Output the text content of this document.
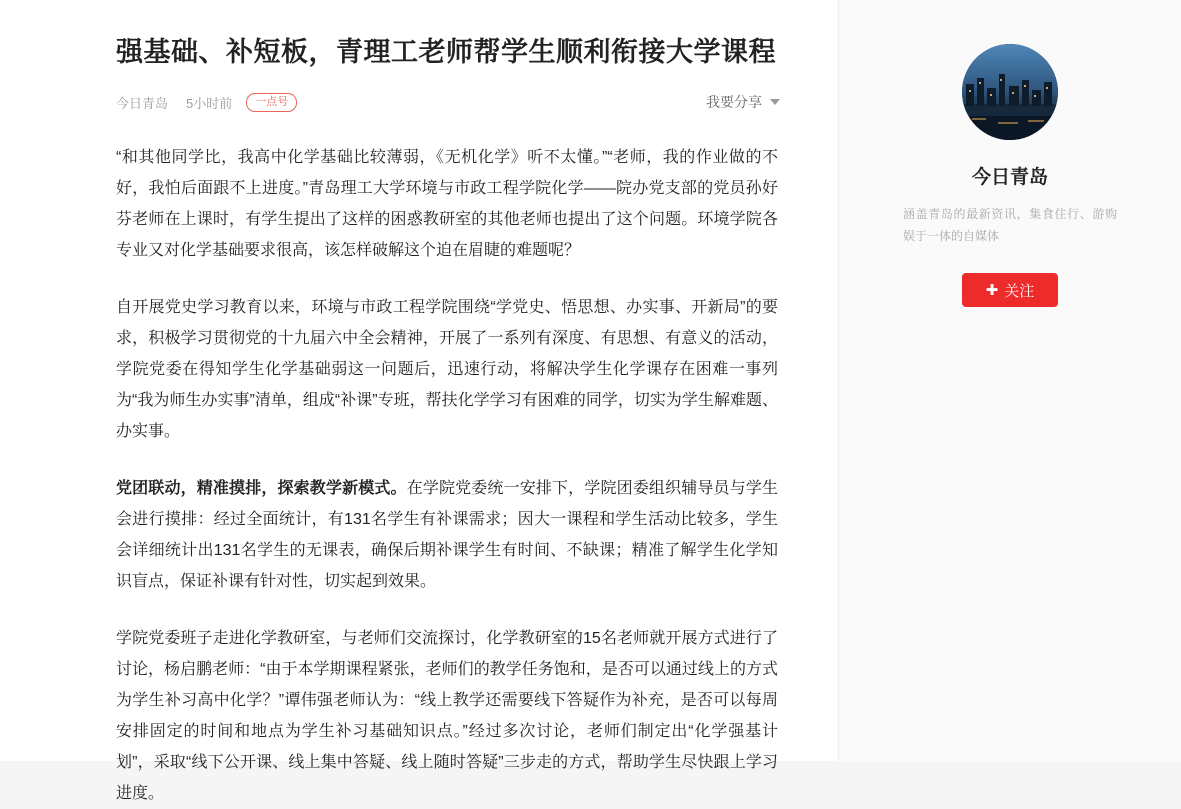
强基础、补短板，青理工老师帮学生顺利衔接大学课程
今日青岛 5小时前	一点号	我要分享

“和其他同学比，我高中化学基础比较薄弱，《无机化学》听不太懂。”“老师，我的作业做的不好，我怕后面跟不上进度。”青岛理工大学环境与市政工程学院化学——院办党支部的党员孙好芬老师在上课时，有学生提出了这样的困惑教研室的其他老师也提出了这个问题。环境学院各专业又对化学基础要求很高，该怎样破解这个迫在眉睫的难题呢？

自开展党史学习教育以来，环境与市政工程学院围绕“学党史、悟思想、办实事、开新局”的要求，积极学习贯彻党的十九届六中全会精神，开展了一系列有深度、有思想、有意义的活动，学院党委在得知学生化学基础弱这一问题后，迅速行动，将解决学生化学课存在困难一事列为“我为师生办实事”清单，组成“补课”专班，帮扶化学学习有困难的同学，切实为学生解难题、办实事。

党团联动，精准摸排，探索教学新模式。在学院党委统一安排下，学院团委组织辅导员与学生会进行摸排：经过全面统计，有131名学生有补课需求；因大一课程和学生活动比较多，学生会详细统计出131名学生的无课表，确保后期补课学生有时间、不缺课；精准了解学生化学知识盲点，保证补课有针对性，切实起到效果。

学院党委班子走进化学教研室，与老师们交流探讨，化学教研室的15名老师就开展方式进行了讨论，杨启鹏老师：“由于本学期课程紧张，老师们的教学任务饱和，是否可以通过线上的方式为学生补习高中化学？”谭伟强老师认为：“线上教学还需要线下答疑作为补充，是否可以每周安排固定的时间和地点为学生补习基础知识点。”经过多次讨论，老师们制定出“化学强基计划”，采取“线下公开课、线上集中答疑、线上随时答疑”三步走的方式，帮助学生尽快跟上学习进度。

今日青岛
涵盖青岛的最新资讯，集食住行、游购娱于一体的自媒体
✚ 关注
